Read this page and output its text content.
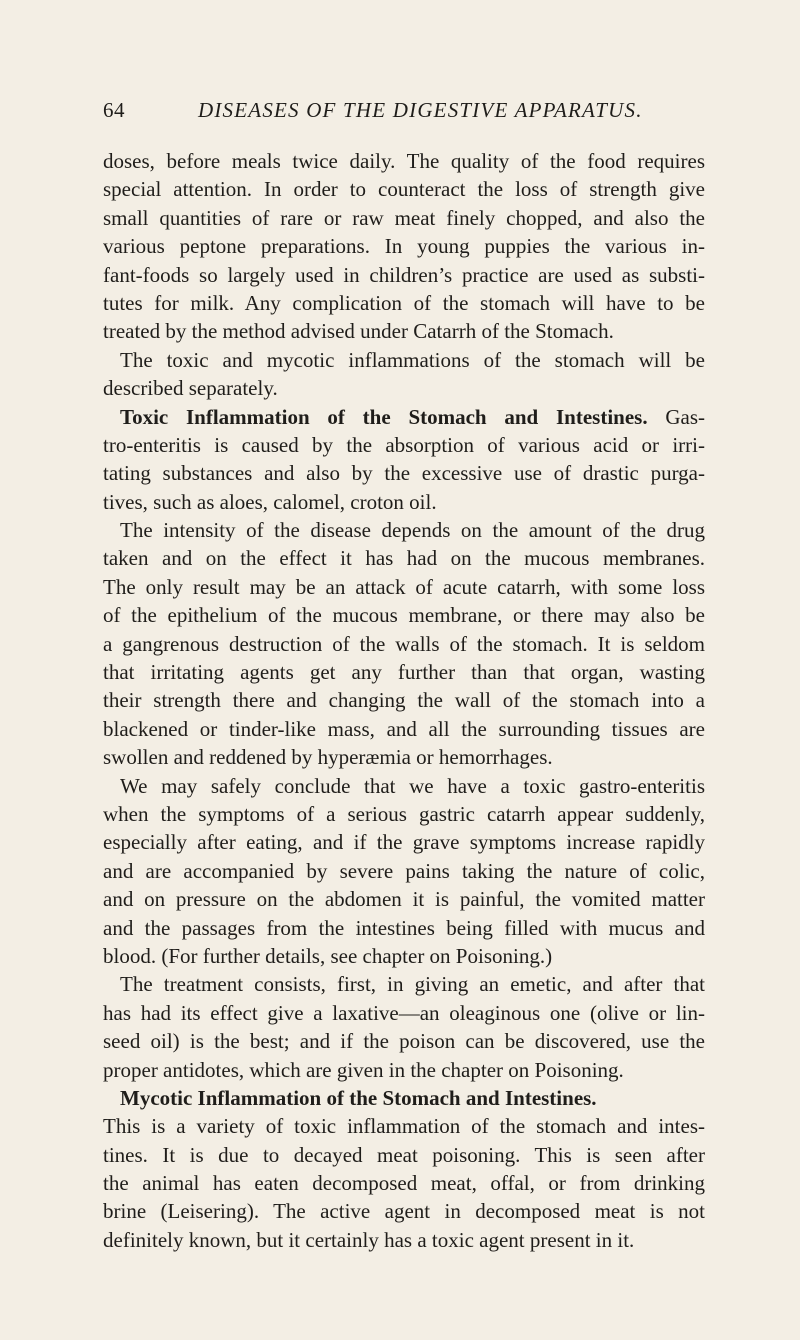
64	DISEASES OF THE DIGESTIVE APPARATUS.
doses, before meals twice daily. The quality of the food requires
special attention. In order to counteract the loss of strength give
small quantities of rare or raw meat finely chopped, and also the
various peptone preparations. In young puppies the various in-
fant-foods so largely used in children’s practice are used as substi-
tutes for milk. Any complication of the stomach will have to be
treated by the method advised under Catarrh of the Stomach.
The toxic and mycotic inflammations of the stomach will be
described separately.
Toxic Inflammation of the Stomach and Intestines. Gas-
tro-enteritis is caused by the absorption of various acid or irri-
tating substances and also by the excessive use of drastic purga-
tives, such as aloes, calomel, croton oil.
The intensity of the disease depends on the amount of the drug
taken and on the effect it has had on the mucous membranes.
The only result may be an attack of acute catarrh, with some loss
of the epithelium of the mucous membrane, or there may also be
a gangrenous destruction of the walls of the stomach. It is seldom
that irritating agents get any further than that organ, wasting
their strength there and changing the wall of the stomach into a
blackened or tinder-like mass, and all the surrounding tissues are
swollen and reddened by hyperæmia or hemorrhages.
We may safely conclude that we have a toxic gastro-enteritis
when the symptoms of a serious gastric catarrh appear suddenly,
especially after eating, and if the grave symptoms increase rapidly
and are accompanied by severe pains taking the nature of colic,
and on pressure on the abdomen it is painful, the vomited matter
and the passages from the intestines being filled with mucus and
blood. (For further details, see chapter on Poisoning.)
The treatment consists, first, in giving an emetic, and after that
has had its effect give a laxative—an oleaginous one (olive or lin-
seed oil) is the best; and if the poison can be discovered, use the
proper antidotes, which are given in the chapter on Poisoning.
Mycotic Inflammation of the Stomach and Intestines.
This is a variety of toxic inflammation of the stomach and intes-
tines. It is due to decayed meat poisoning. This is seen after
the animal has eaten decomposed meat, offal, or from drinking
brine (Leisering). The active agent in decomposed meat is not
definitely known, but it certainly has a toxic agent present in it.
